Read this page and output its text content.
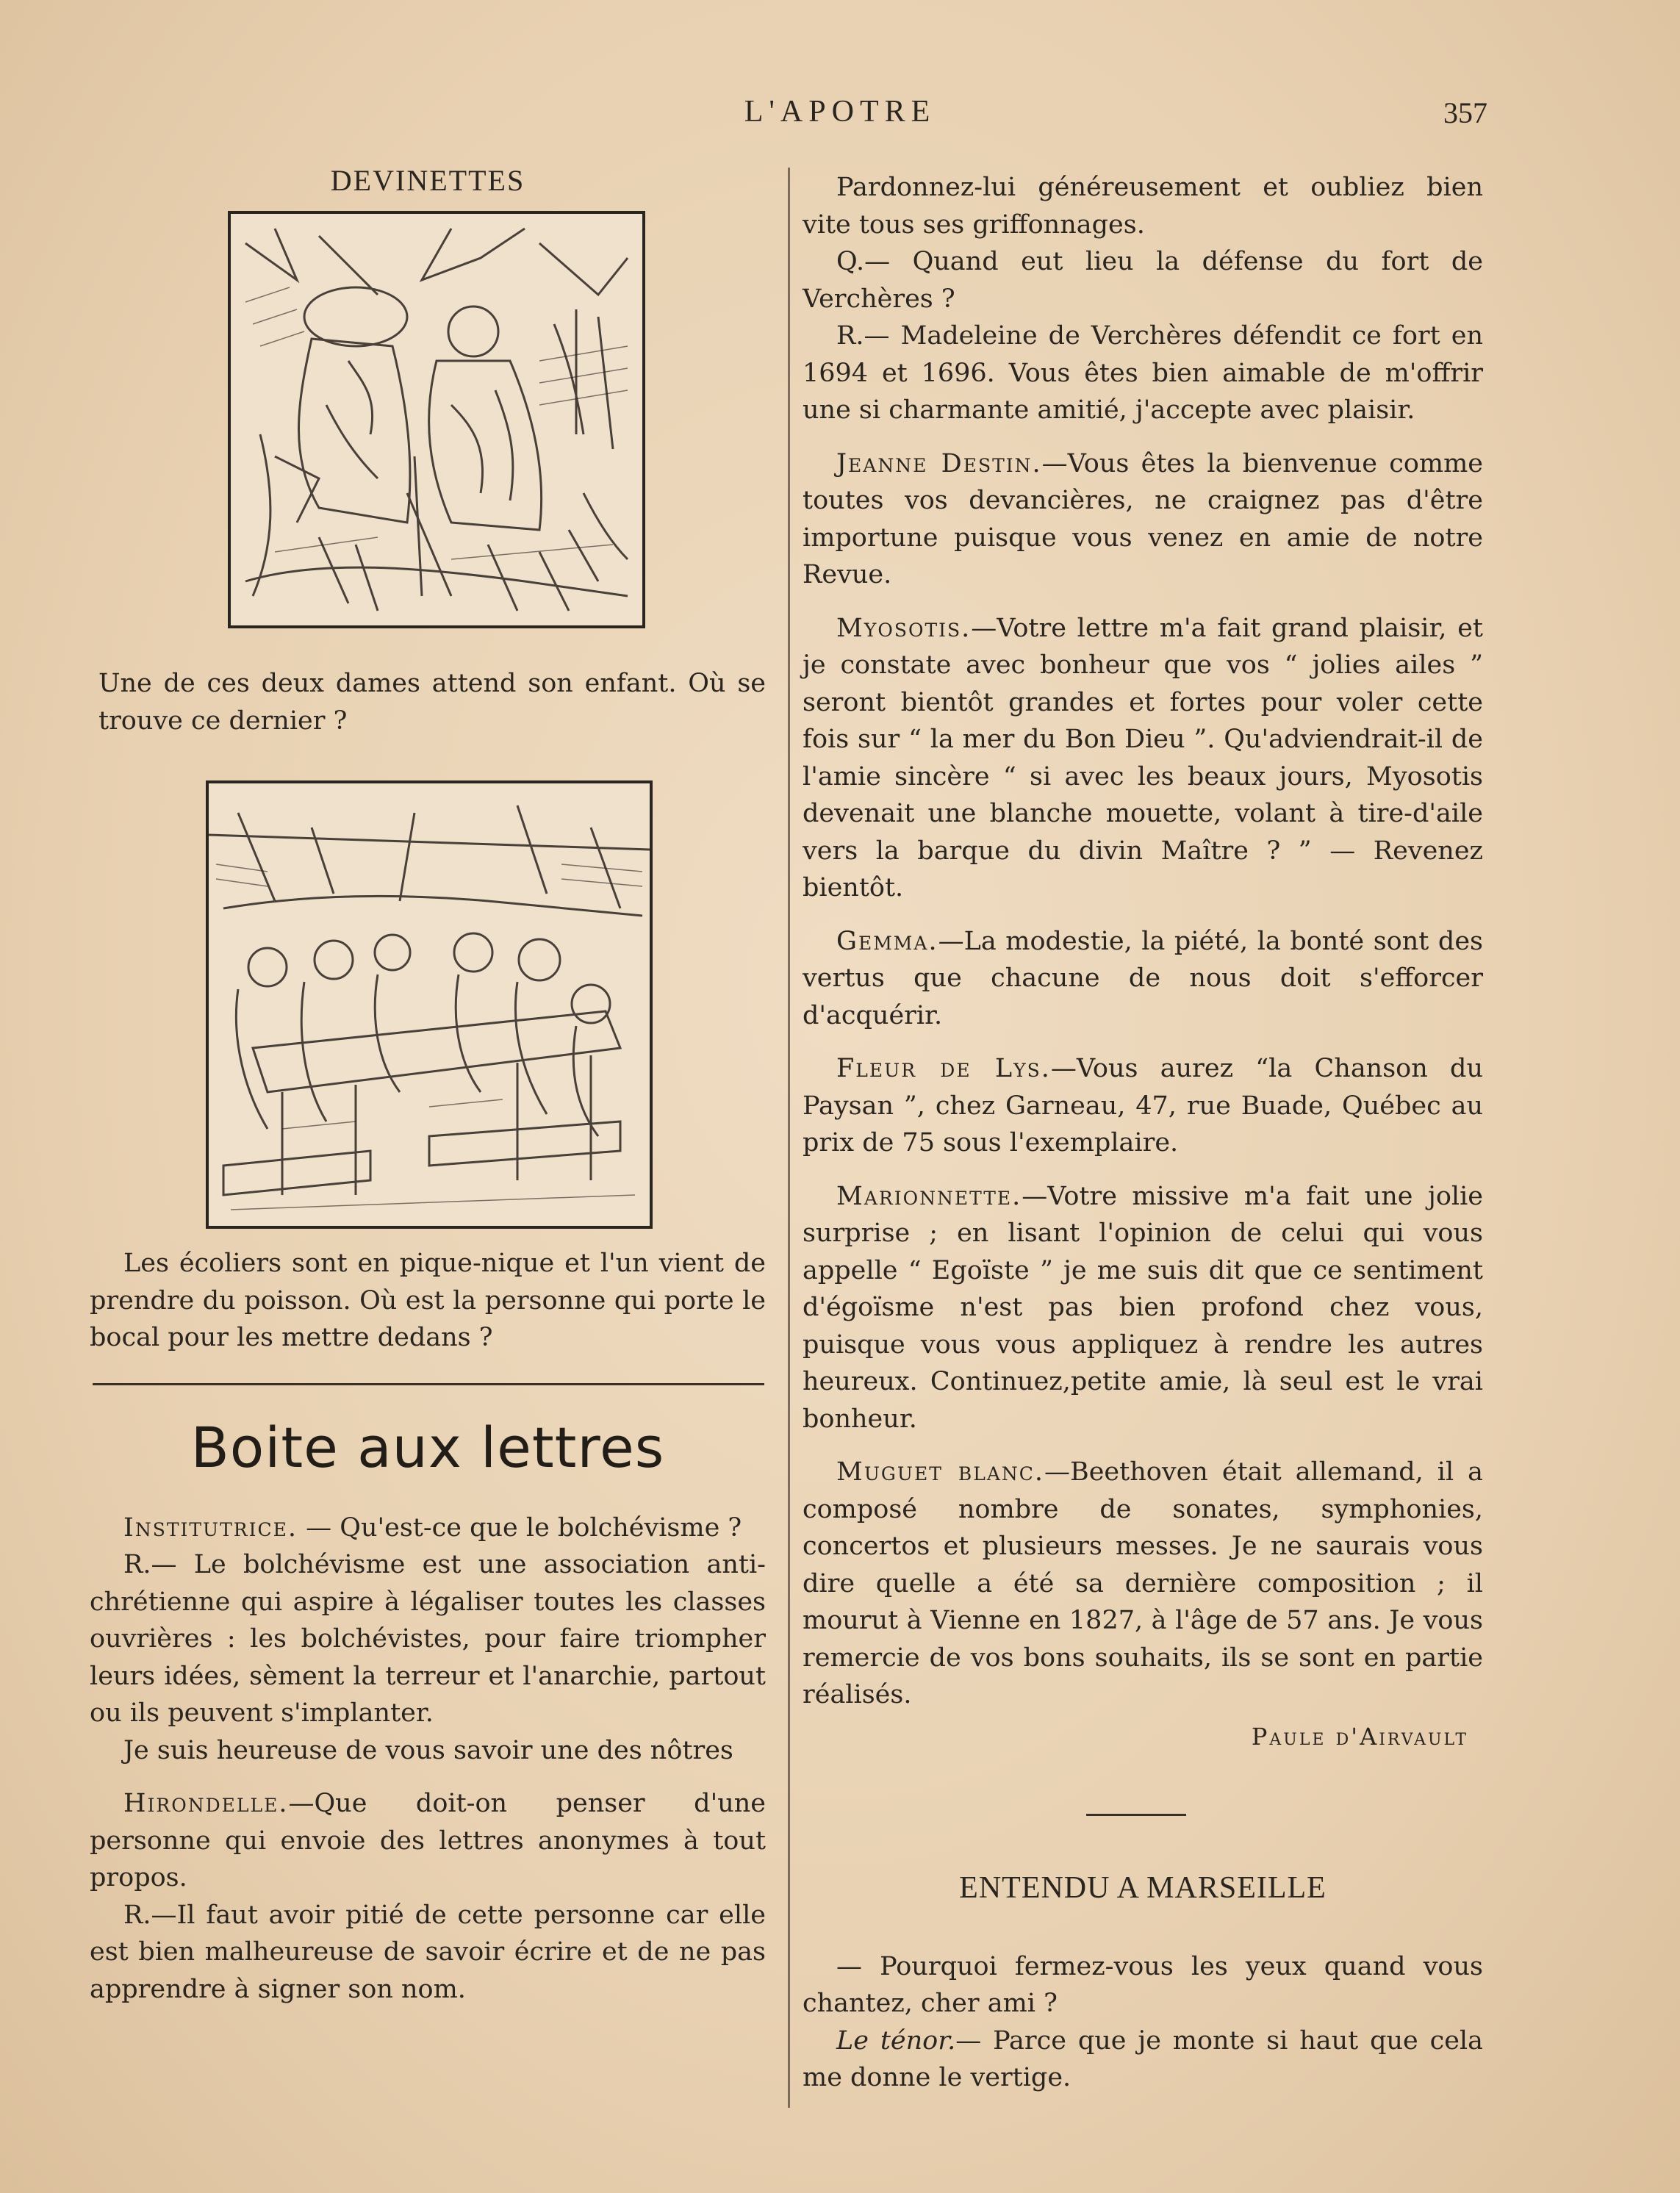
L'APOTRE	357
DEVINETTES

Une de ces deux dames attend son enfant. Où se trouve ce dernier ?

Les écoliers sont en pique-nique et l'un vient de prendre du poisson. Où est la personne qui porte le bocal pour les mettre dedans ?

Boite aux lettres

Institutrice. — Qu'est-ce que le bolchévisme ?

R.— Le bolchévisme est une association anti-chrétienne qui aspire à légaliser toutes les classes ouvrières : les bolchévistes, pour faire triompher leurs idées, sèment la terreur et l'anarchie, partout ou ils peuvent s'implanter.

Je suis heureuse de vous savoir une des nôtres

Hirondelle.—Que doit-on penser d'une personne qui envoie des lettres anonymes à tout propos.

R.—Il faut avoir pitié de cette personne car elle est bien malheureuse de savoir écrire et de ne pas apprendre à signer son nom.

Pardonnez-lui généreusement et oubliez bien vite tous ses griffonnages.

Q.— Quand eut lieu la défense du fort de Verchères ?

R.— Madeleine de Verchères défendit ce fort en 1694 et 1696. Vous êtes bien aimable de m'offrir une si charmante amitié, j'accepte avec plaisir.

Jeanne Destin.—Vous êtes la bienvenue comme toutes vos devancières, ne craignez pas d'être importune puisque vous venez en amie de notre Revue.

Myosotis.—Votre lettre m'a fait grand plaisir, et je constate avec bonheur que vos “ jolies ailes ” seront bientôt grandes et fortes pour voler cette fois sur “ la mer du Bon Dieu ”. Qu'adviendrait-il de l'amie sincère “ si avec les beaux jours, Myosotis devenait une blanche mouette, volant à tire-d'aile vers la barque du divin Maître ? ” — Revenez bientôt.

Gemma.—La modestie, la piété, la bonté sont des vertus que chacune de nous doit s'efforcer d'acquérir.

Fleur de Lys.—Vous aurez “la Chanson du Paysan ”, chez Garneau, 47, rue Buade, Québec au prix de 75 sous l'exemplaire.

Marionnette.—Votre missive m'a fait une jolie surprise ; en lisant l'opinion de celui qui vous appelle “ Egoïste ” je me suis dit que ce sentiment d'égoïsme n'est pas bien profond chez vous, puisque vous vous appliquez à rendre les autres heureux. Continuez,petite amie, là seul est le vrai bonheur.

Muguet blanc.—Beethoven était allemand, il a composé nombre de sonates, symphonies, concertos et plusieurs messes. Je ne saurais vous dire quelle a été sa dernière composition ; il mourut à Vienne en 1827, à l'âge de 57 ans. Je vous remercie de vos bons souhaits, ils se sont en partie réalisés.

Paule d'Airvault
ENTENDU A MARSEILLE

— Pourquoi fermez-vous les yeux quand vous chantez, cher ami ?

Le ténor.— Parce que je monte si haut que cela me donne le vertige.
